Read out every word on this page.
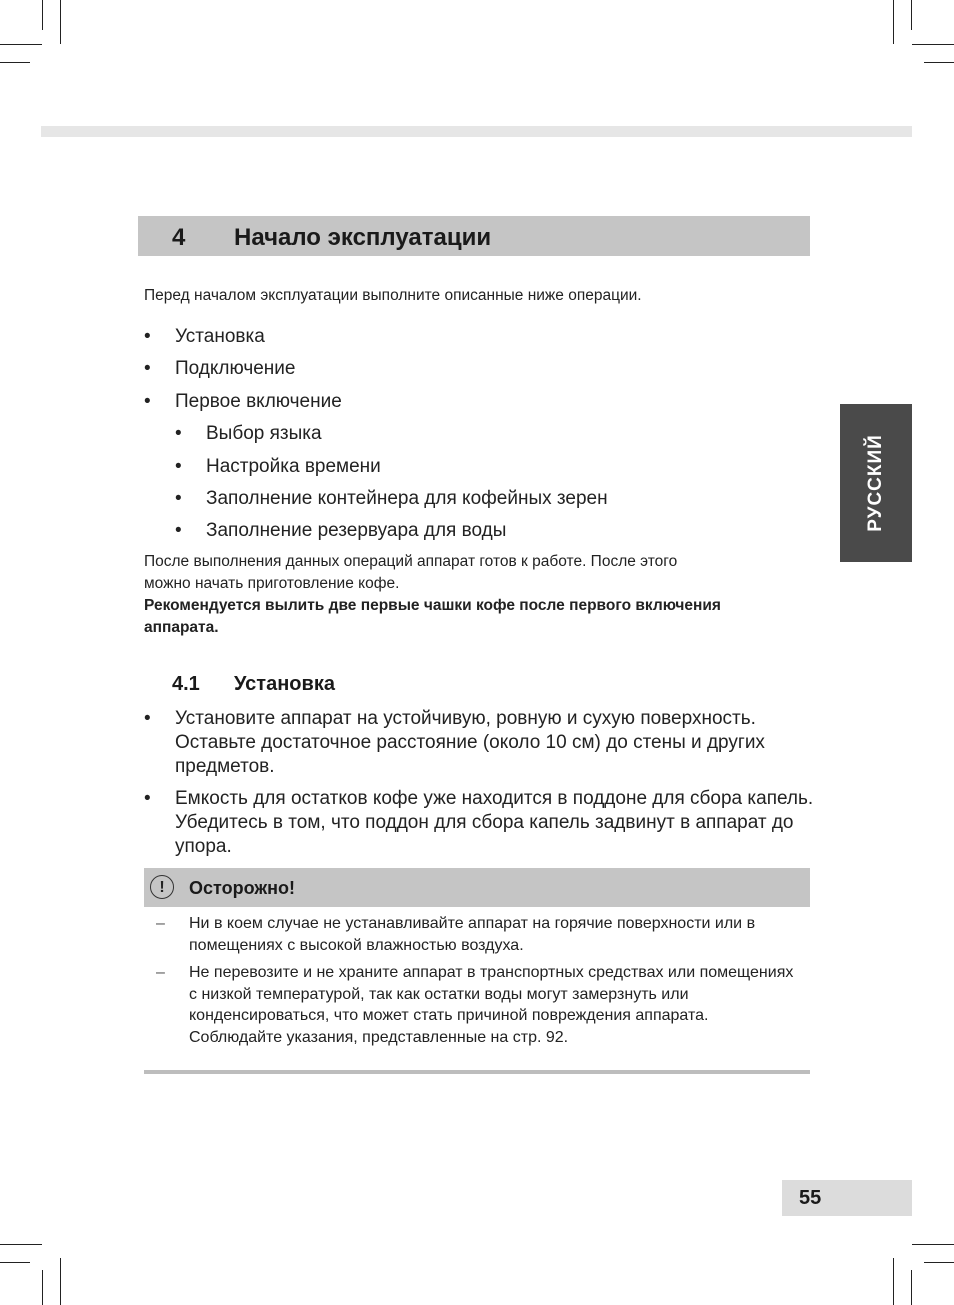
4 Начало эксплуатации
Перед началом эксплуатации выполните описанные ниже операции.
• Установка
• Подключение
• Первое включение
• Выбор языка
• Настройка времени
• Заполнение контейнера для кофейных зерен
• Заполнение резервуара для воды
После выполнения данных операций аппарат готов к работе. После этого
можно начать приготовление кофе.
Рекомендуется вылить две первые чашки кофе после первого включения
аппарата.
4.1 Установка
• Установите аппарат на устойчивую, ровную и сухую поверхность. Оставьте достаточное расстояние (около 10 см) до стены и других предметов.
• Емкость для остатков кофе уже находится в поддоне для сбора капель. Убедитесь в том, что поддон для сбора капель задвинут в аппарат до упора.
!	Осторожно!
– Ни в коем случае не устанавливайте аппарат на горячие поверхности или в помещениях с высокой влажностью воздуха.
– Не перевозите и не храните аппарат в транспортных средствах или помещениях с низкой температурой, так как остатки воды могут замерзнуть или конденсироваться, что может стать причиной повреждения аппарата. Соблюдайте указания, представленные на стр. 92.
РУССКИЙ
55
